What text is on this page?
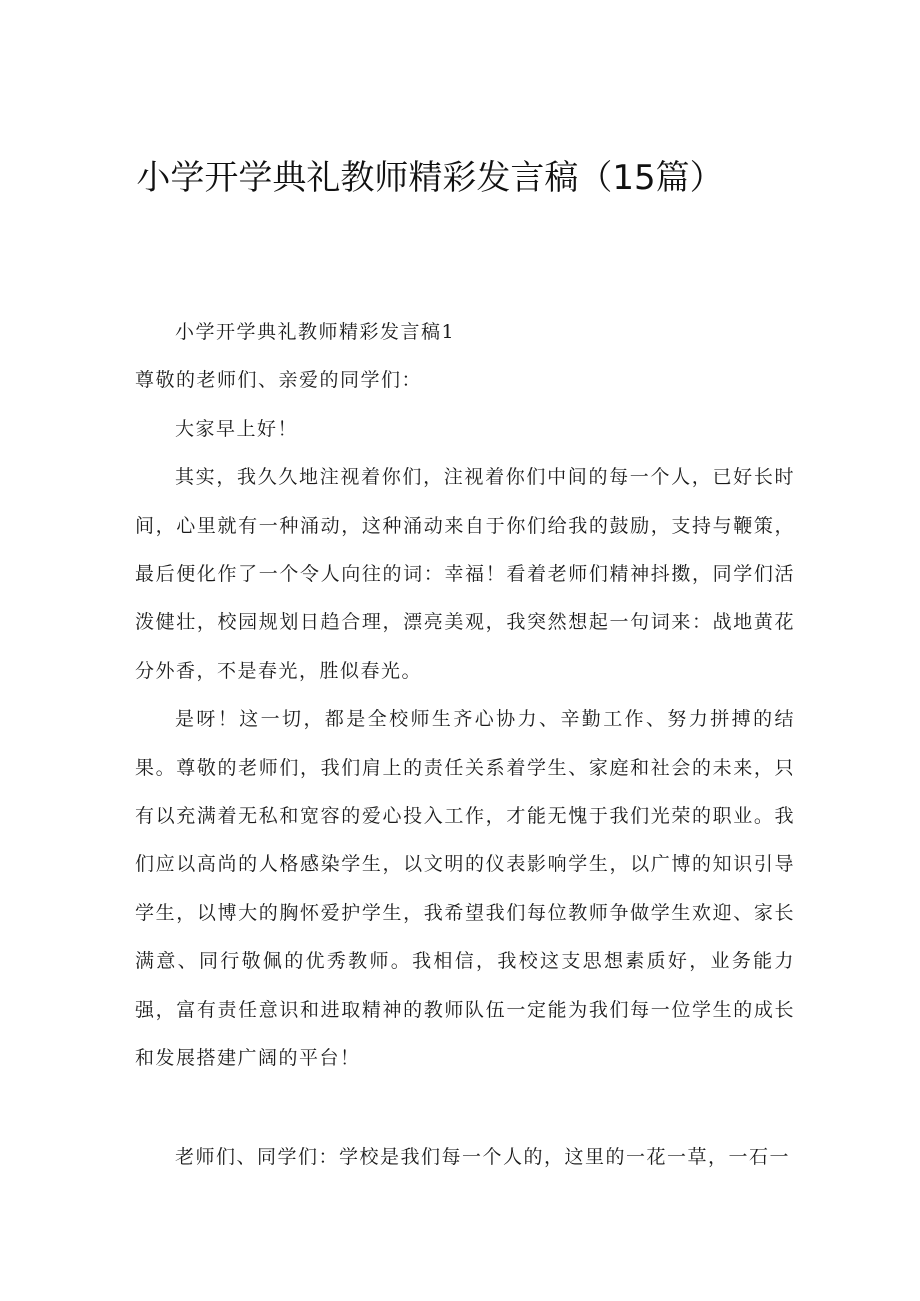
小学开学典礼教师精彩发言稿（15篇）

小学开学典礼教师精彩发言稿1

尊敬的老师们、亲爱的同学们：

大家早上好！

其实，我久久地注视着你们，注视着你们中间的每一个人，已好长时间，心里就有一种涌动，这种涌动来自于你们给我的鼓励，支持与鞭策，最后便化作了一个令人向往的词：幸福！看着老师们精神抖擞，同学们活泼健壮，校园规划日趋合理，漂亮美观，我突然想起一句词来：战地黄花分外香，不是春光，胜似春光。

是呀！这一切，都是全校师生齐心协力、辛勤工作、努力拼搏的结果。尊敬的老师们，我们肩上的责任关系着学生、家庭和社会的未来，只有以充满着无私和宽容的爱心投入工作，才能无愧于我们光荣的职业。我们应以高尚的人格感染学生，以文明的仪表影响学生，以广博的知识引导学生，以博大的胸怀爱护学生，我希望我们每位教师争做学生欢迎、家长满意、同行敬佩的优秀教师。我相信，我校这支思想素质好，业务能力强，富有责任意识和进取精神的教师队伍一定能为我们每一位学生的成长和发展搭建广阔的平台！

老师们、同学们：学校是我们每一个人的，这里的一花一草，一石一
